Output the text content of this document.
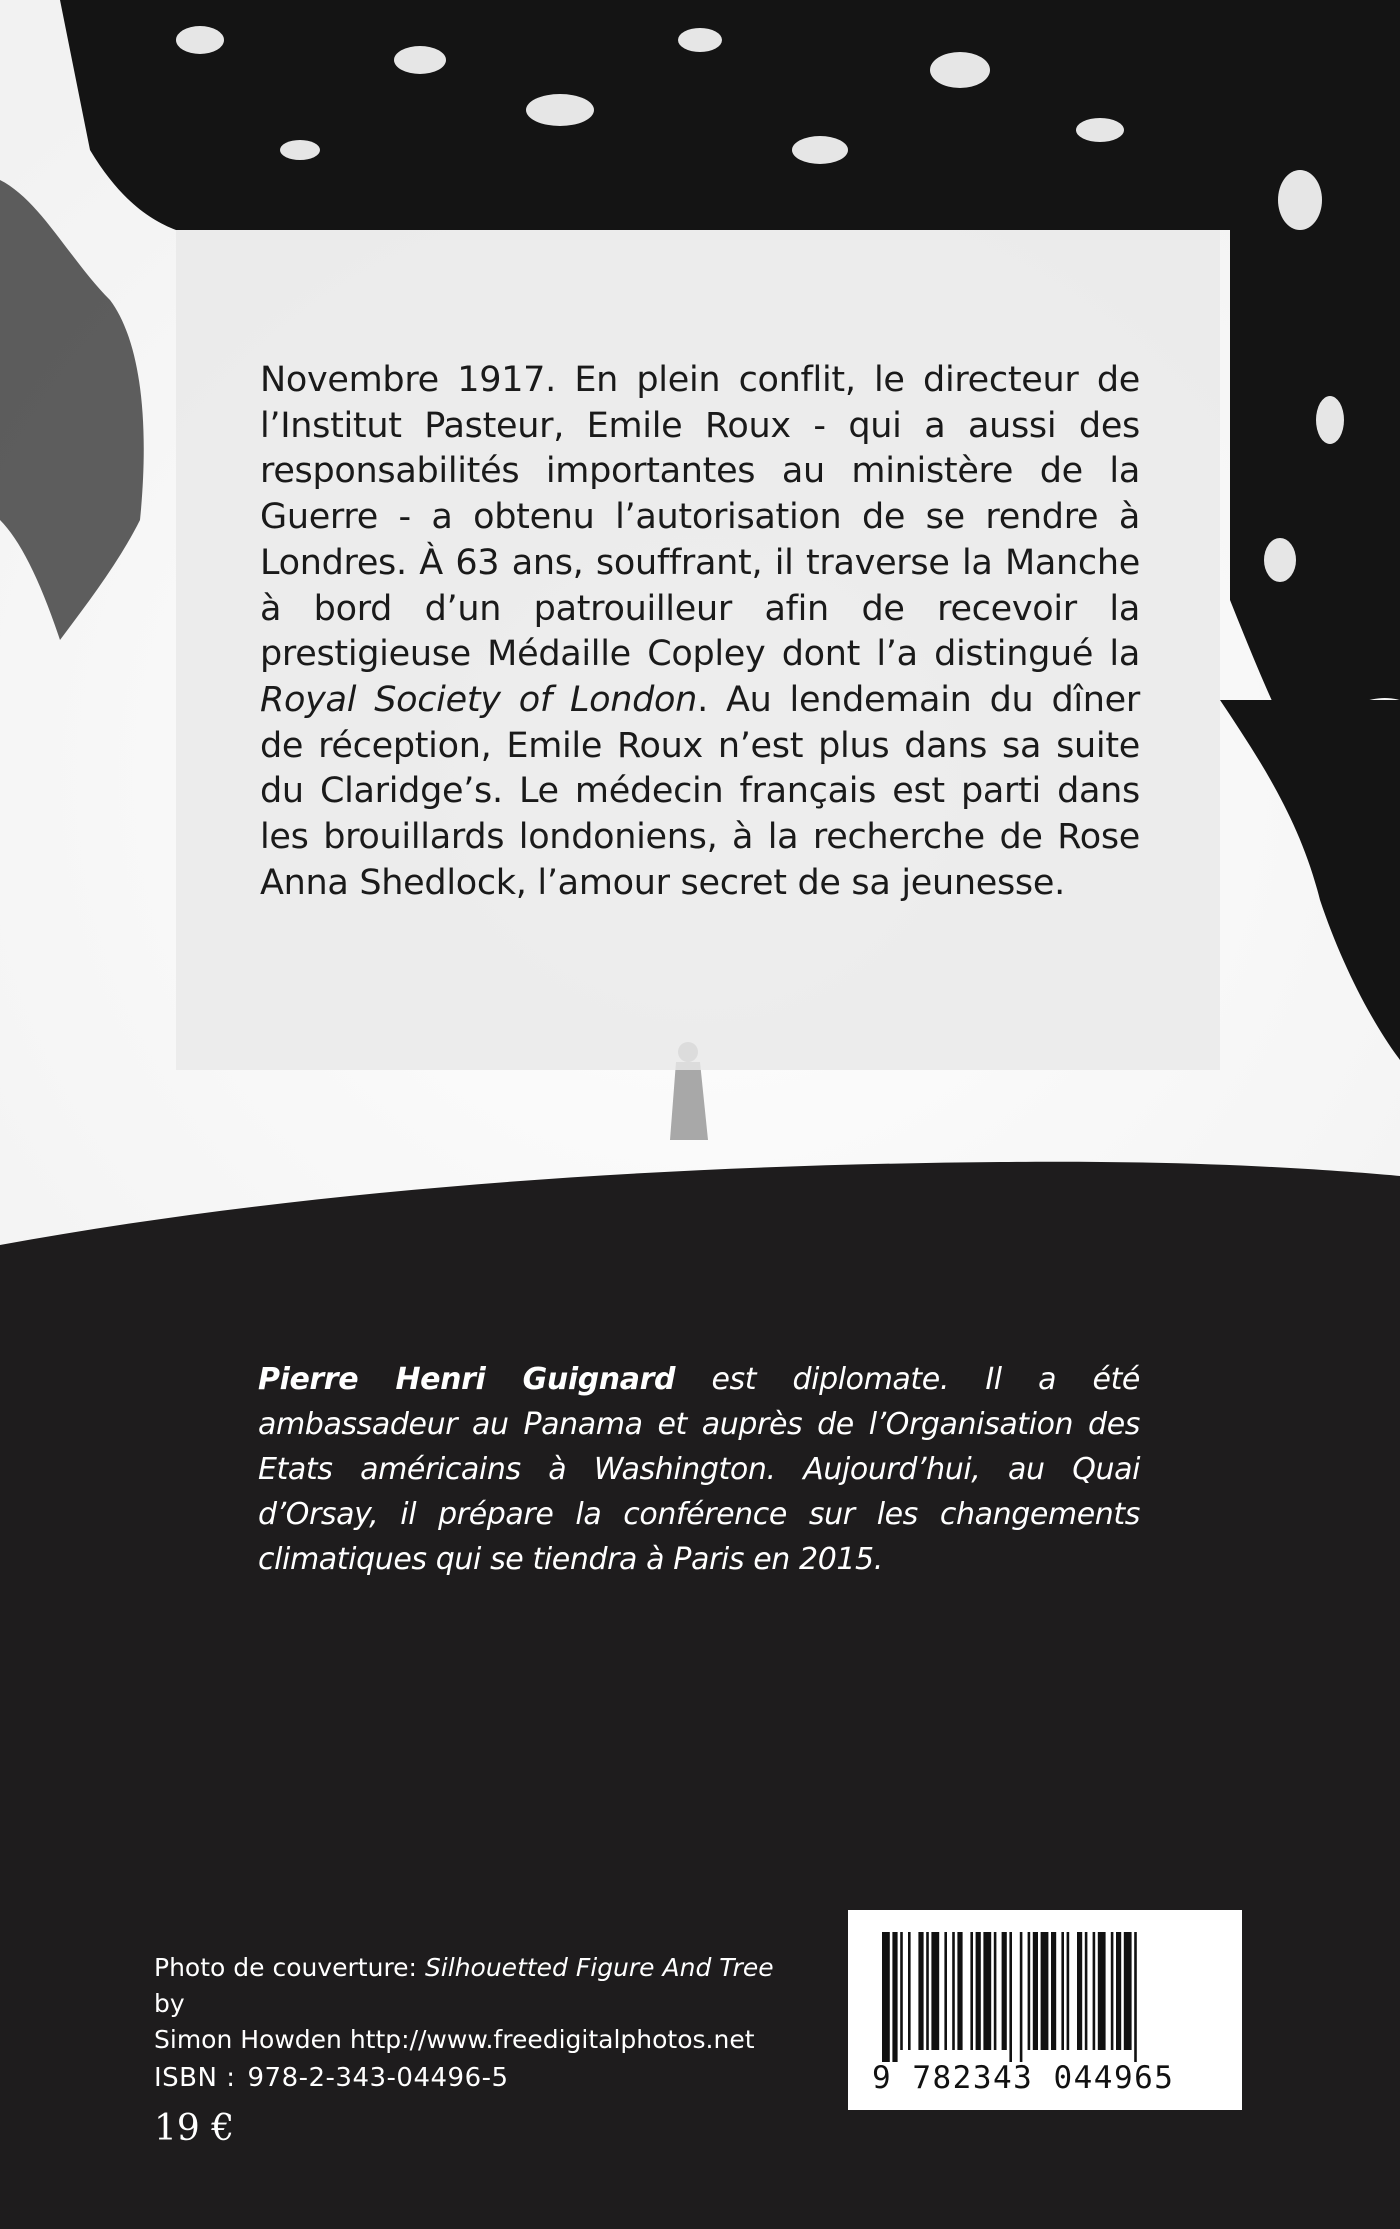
Novembre 1917. En plein conflit, le directeur de l’Institut Pasteur, Emile Roux - qui a aussi des responsabilités importantes au ministère de la Guerre - a obtenu l’autorisation de se rendre à Londres. À 63 ans, souffrant, il traverse la Manche à bord d’un patrouilleur afin de recevoir la prestigieuse Médaille Copley dont l’a distingué la Royal Society of London. Au lendemain du dîner de réception, Emile Roux n’est plus dans sa suite du Claridge’s. Le médecin français est parti dans les brouillards londoniens, à la recherche de Rose Anna Shedlock, l’amour secret de sa jeunesse.

Pierre Henri Guignard est diplomate. Il a été ambassadeur au Panama et auprès de l’Organisation des Etats américains à Washington. Aujourd’hui, au Quai d’Orsay, il prépare la conférence sur les changements climatiques qui se tiendra à Paris en 2015.
Photo de couverture: Silhouetted Figure And Tree by
Simon Howden http://www.freedigitalphotos.net
ISBN : 978-2-343-04496-5
19 €
9 782343 044965
